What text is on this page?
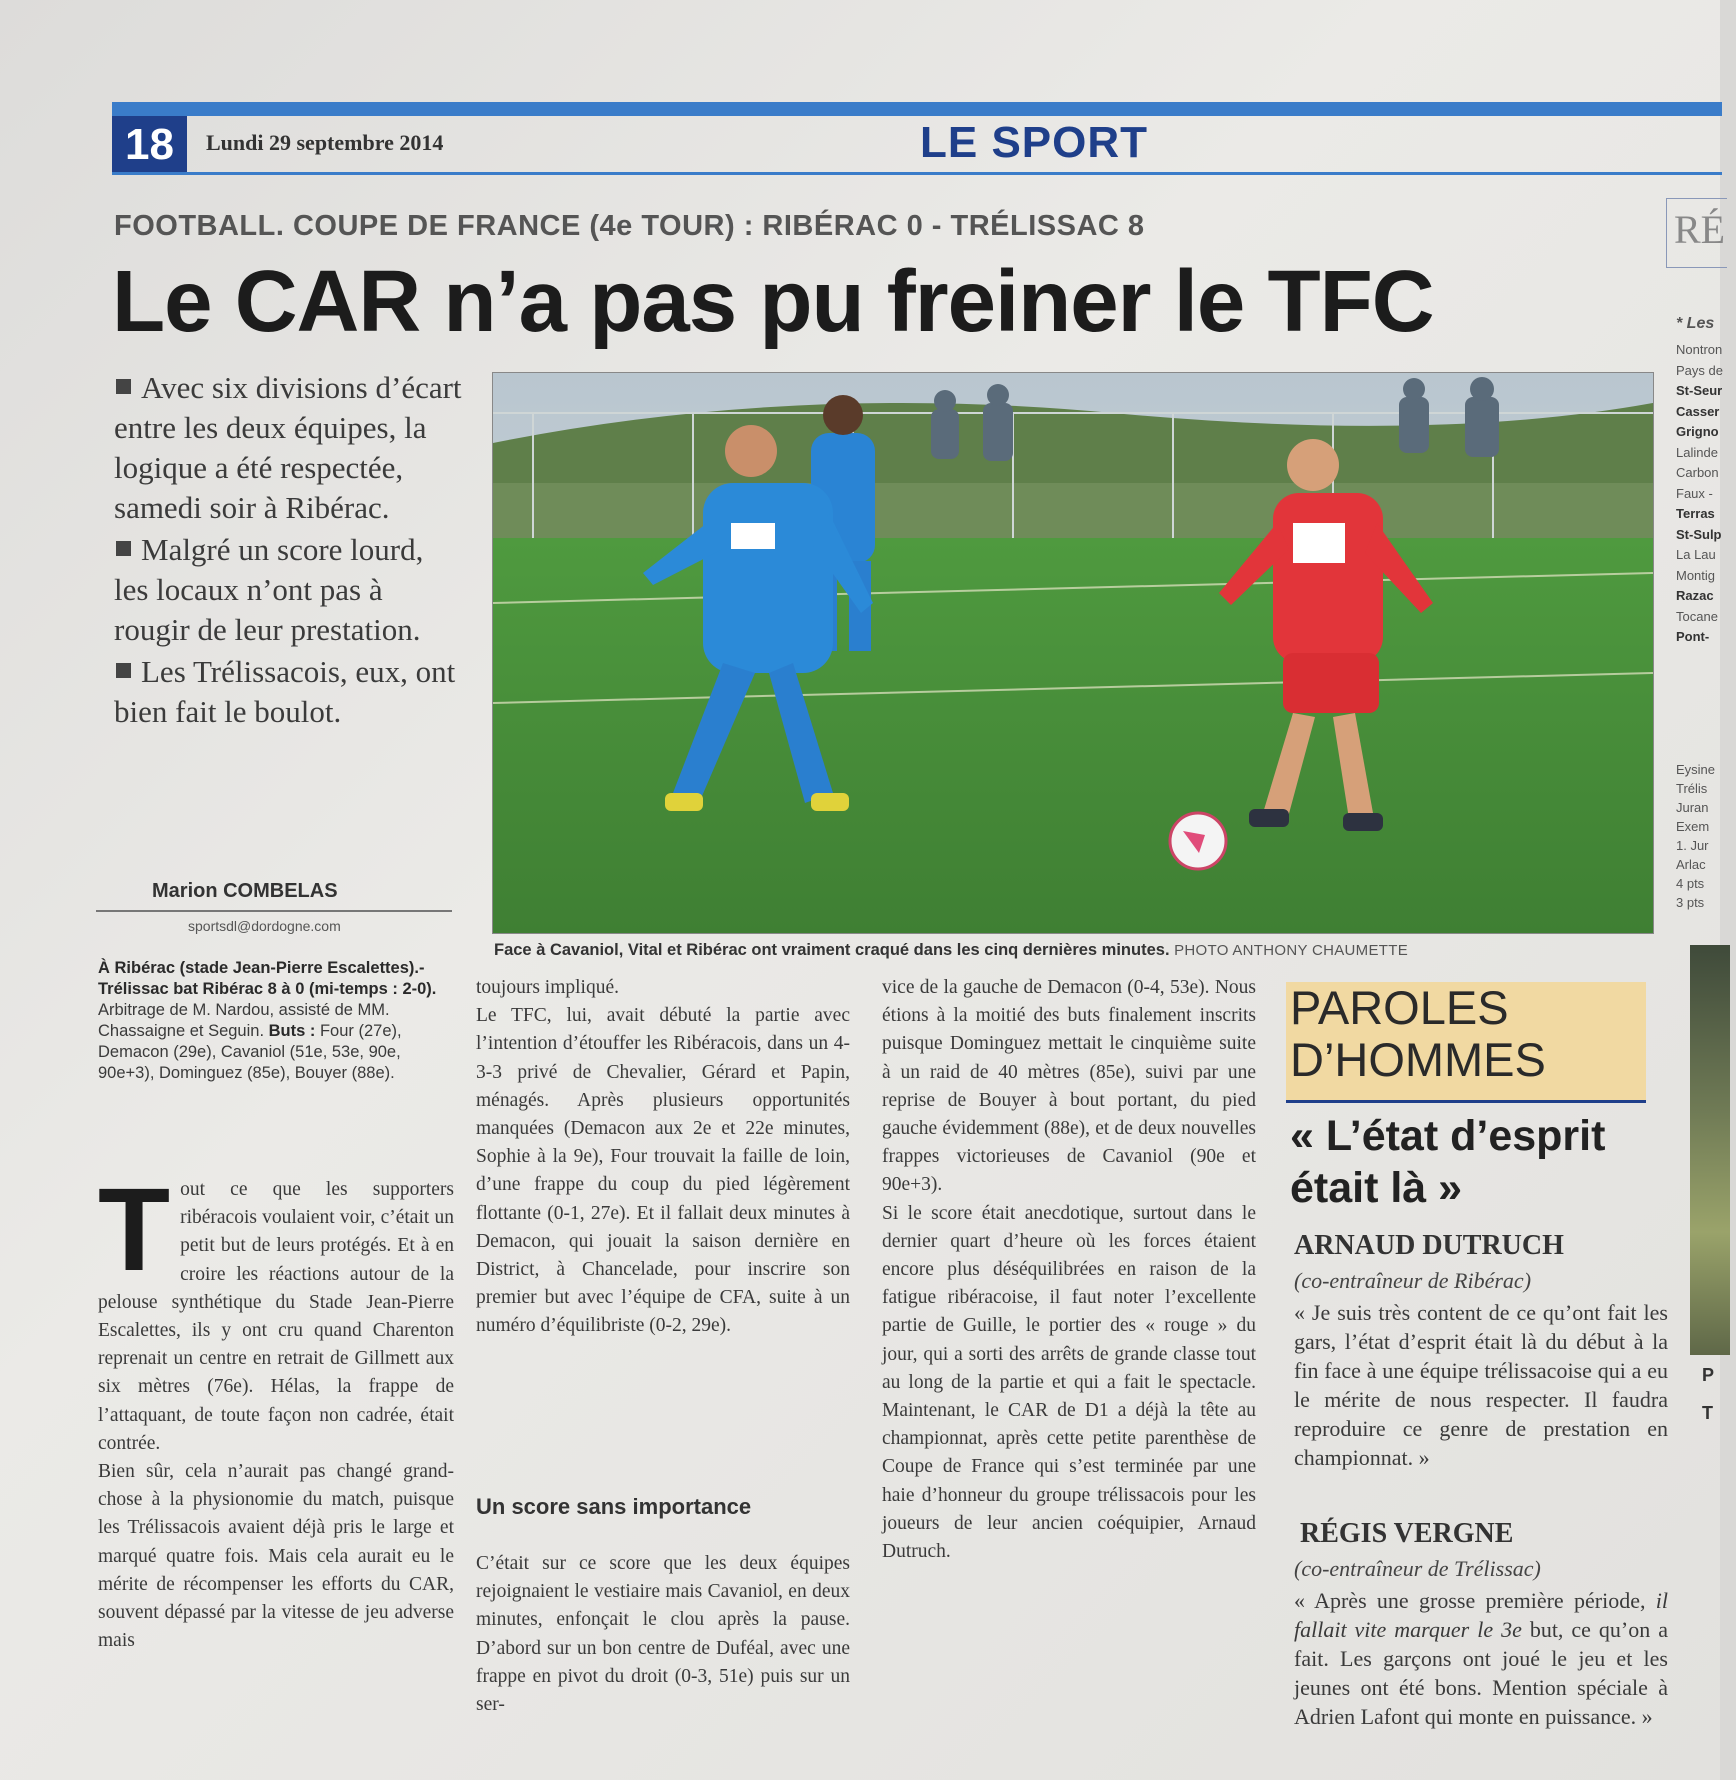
18	Lundi 29 septembre 2014	LE SPORT
FOOTBALL. COUPE DE FRANCE (4e TOUR) : RIBÉRAC 0 - TRÉLISSAC 8
Le CAR n’a pas pu freiner le TFC

Avec six divisions d’écart entre les deux équipes, la logique a été respectée, samedi soir à Ribérac.

Malgré un score lourd, les locaux n’ont pas à rougir de leur prestation.

Les Trélissacois, eux, ont bien fait le boulot.

Marion COMBELAS
sportsdl@dordogne.com
À Ribérac (stade Jean-Pierre Escalettes).- Trélissac bat Ribérac 8 à 0 (mi-temps : 2-0). Arbitrage de M. Nardou, assisté de MM. Chassaigne et Seguin. Buts : Four (27e), Demacon (29e), Cavaniol (51e, 53e, 90e, 90e+3), Dominguez (85e), Bouyer (88e).
T out ce que les supporters ribéracois voulaient voir, c’était un petit but de leurs protégés. Et à en croire les réactions autour de la pelouse synthétique du Stade Jean-Pierre Escalettes, ils y ont cru quand Charenton reprenait un centre en retrait de Gillmett aux six mètres (76e). Hélas, la frappe de l’attaquant, de toute façon non cadrée, était contrée.

Bien sûr, cela n’aurait pas changé grand-chose à la physionomie du match, puisque les Trélissacois avaient déjà pris le large et marqué quatre fois. Mais cela aurait eu le mérite de récompenser les efforts du CAR, souvent dépassé par la vitesse de jeu adverse mais

toujours impliqué.

Le TFC, lui, avait débuté la partie avec l’intention d’étouffer les Ribéracois, dans un 4-3-3 privé de Chevalier, Gérard et Papin, ménagés. Après plusieurs opportunités manquées (Demacon aux 2e et 22e minutes, Sophie à la 9e), Four trouvait la faille de loin, d’une frappe du coup du pied légèrement flottante (0-1, 27e). Et il fallait deux minutes à Demacon, qui jouait la saison dernière en District, à Chancelade, pour inscrire son premier but avec l’équipe de CFA, suite à un numéro d’équilibriste (0-2, 29e).

Un score sans importance

C’était sur ce score que les deux équipes rejoignaient le vestiaire mais Cavaniol, en deux minutes, enfonçait le clou après la pause. D’abord sur un bon centre de Duféal, avec une frappe en pivot du droit (0-3, 51e) puis sur un ser-

vice de la gauche de Demacon (0-4, 53e). Nous étions à la moitié des buts finalement inscrits puisque Dominguez mettait le cinquième suite à un raid de 40 mètres (85e), suivi par une reprise de Bouyer à bout portant, du pied gauche évidemment (88e), et de deux nouvelles frappes victorieuses de Cavaniol (90e et 90e+3).

Si le score était anecdotique, surtout dans le dernier quart d’heure où les forces étaient encore plus déséquilibrées en raison de la fatigue ribéracoise, il faut noter l’excellente partie de Guille, le portier des « rouge » du jour, qui a sorti des arrêts de grande classe tout au long de la partie et qui a fait le spectacle. Maintenant, le CAR de D1 a déjà la tête au championnat, après cette petite parenthèse de Coupe de France qui s’est terminée par une haie d’honneur du groupe trélissacois pour les joueurs de leur ancien coéquipier, Arnaud Dutruch.

Face à Cavaniol, Vital et Ribérac ont vraiment craqué dans les cinq dernières minutes. PHOTO ANTHONY CHAUMETTE
PAROLES
D’HOMMES
« L’état d’esprit était là »
ARNAUD DUTRUCH
(co-entraîneur de Ribérac)
« Je suis très content de ce qu’ont fait les gars, l’état d’esprit était là du début à la fin face à une équipe trélissacoise qui a eu le mérite de nous respecter. Il faudra reproduire ce genre de prestation en championnat. »
RÉGIS VERGNE
(co-entraîneur de Trélissac)
« Après une grosse première période, il fallait vite marquer le 3e but, ce qu’on a fait. Les garçons ont joué le jeu et les jeunes ont été bons. Mention spéciale à Adrien Lafont qui monte en puissance. »
RÉ
* Les
Nontron
Pays de
St-Seur
Casser
Grigno
Lalinde
Carbon
Faux -
Terras
St-Sulp
La Lau
Montig
Razac
Tocane
Pont-
Eysine
Trélis
Juran
Exem
1. Jur
Arlac
4 pts
3 pts
P
T
